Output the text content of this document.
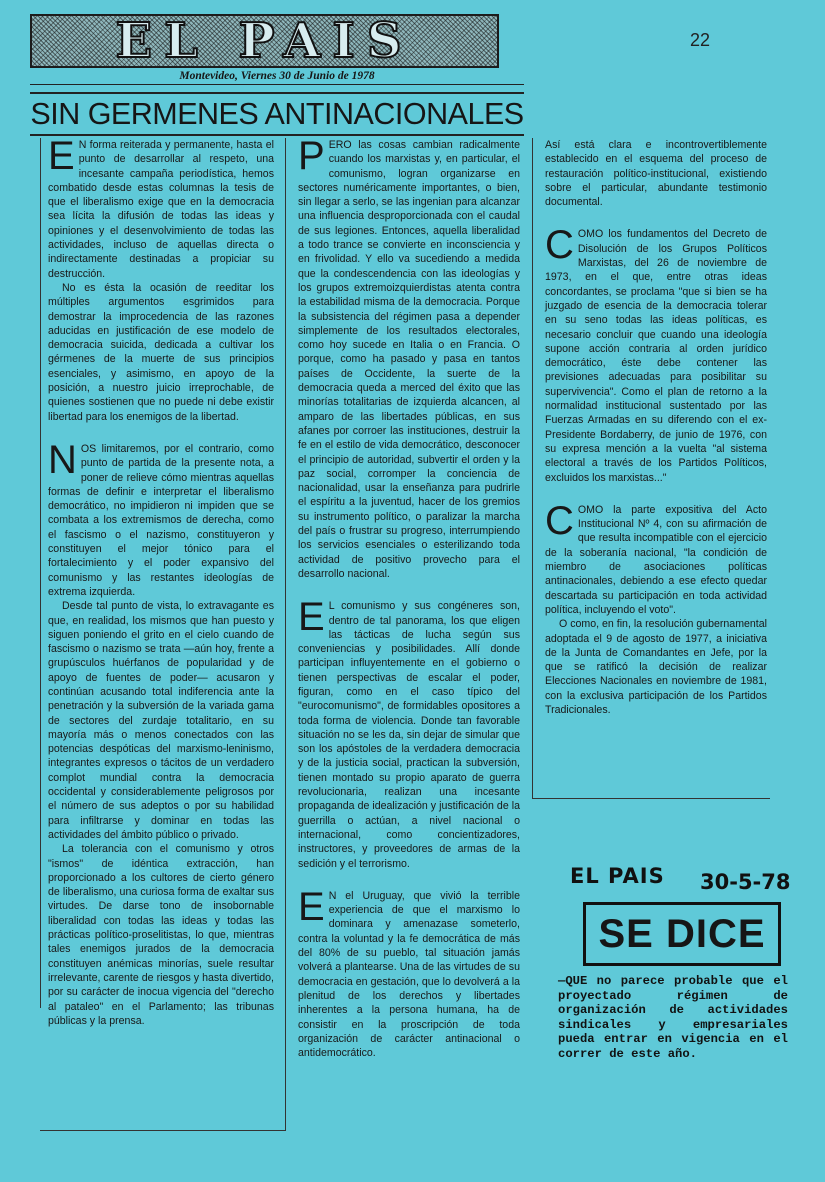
EL PAIS	22
Montevideo, Viernes 30 de Junio de 1978
SIN GERMENES ANTINACIONALES

E N forma reiterada y permanente, hasta el punto de desarrollar al respeto, una incesante campaña periodística, hemos combatido desde estas columnas la tesis de que el liberalismo exige que en la democracia sea lícita la difusión de todas las ideas y opiniones y el desenvolvimiento de todas las actividades, incluso de aquellas directa o indirectamente destinadas a propiciar su destrucción.

No es ésta la ocasión de reeditar los múltiples argumentos esgrimidos para demostrar la improcedencia de las razones aducidas en justificación de ese modelo de democracia suicida, dedicada a cultivar los gérmenes de la muerte de sus principios esenciales, y asimismo, en apoyo de la posición, a nuestro juicio irreprochable, de quienes sostienen que no puede ni debe existir libertad para los enemigos de la libertad.

NOS limitaremos, por el contrario, como punto de partida de la presente nota, a poner de relieve cómo mientras aquellas formas de definir e interpretar el liberalismo democrático, no impidieron ni impiden que se combata a los extremismos de derecha, como el fascismo o el nazismo, constituyeron y constituyen el mejor tónico para el fortalecimiento y el poder expansivo del comunismo y las restantes ideologías de extrema izquierda.

Desde tal punto de vista, lo extravagante es que, en realidad, los mismos que han puesto y siguen poniendo el grito en el cielo cuando de fascismo o nazismo se trata —aún hoy, frente a grupúsculos huérfanos de popularidad y de apoyo de fuentes de poder— acusaron y continúan acusando total indiferencia ante la penetración y la subversión de la variada gama de sectores del zurdaje totalitario, en su mayoría más o menos conectados con las potencias despóticas del marxismo-leninismo, integrantes expresos o tácitos de un verdadero complot mundial contra la democracia occidental y considerablemente peligrosos por el número de sus adeptos o por su habilidad para infiltrarse y dominar en todas las actividades del ámbito público o privado.

La tolerancia con el comunismo y otros "ismos" de idéntica extracción, han proporcionado a los cultores de cierto género de liberalismo, una curiosa forma de exaltar sus virtudes. De darse tono de insobornable liberalidad con todas las ideas y todas las prácticas político-proselitistas, lo que, mientras tales enemigos jurados de la democracia constituyen anémicas minorías, suele resultar irrelevante, carente de riesgos y hasta divertido, por su carácter de inocua vigencia del "derecho al pataleo" en el Parlamento; las tribunas públicas y la prensa.

PERO las cosas cambian radicalmente cuando los marxistas y, en particular, el comunismo, logran organizarse en sectores numéricamente importantes, o bien, sin llegar a serlo, se las ingenian para alcanzar una influencia desproporcionada con el caudal de sus legiones. Entonces, aquella liberalidad a todo trance se convierte en inconsciencia y en frivolidad. Y ello va sucediendo a medida que la condescendencia con las ideologías y los grupos extremoizquierdistas atenta contra la estabilidad misma de la democracia. Porque la subsistencia del régimen pasa a depender simplemente de los resultados electorales, como hoy sucede en Italia o en Francia. O porque, como ha pasado y pasa en tantos países de Occidente, la suerte de la democracia queda a merced del éxito que las minorías totalitarias de izquierda alcancen, al amparo de las libertades públicas, en sus afanes por corroer las instituciones, destruir la fe en el estilo de vida democrático, desconocer el principio de autoridad, subvertir el orden y la paz social, corromper la conciencia de nacionalidad, usar la enseñanza para pudrirle el espíritu a la juventud, hacer de los gremios su instrumento político, o paralizar la marcha del país o frustrar su progreso, interrumpiendo los servicios esenciales o esterilizando toda actividad de positivo provecho para el desarrollo nacional.

E L comunismo y sus congéneres son, dentro de tal panorama, los que eligen las tácticas de lucha según sus conveniencias y posibilidades. Allí donde participan influyentemente en el gobierno o tienen perspectivas de escalar el poder, figuran, como en el caso típico del "eurocomunismo", de formidables opositores a toda forma de violencia. Donde tan favorable situación no se les da, sin dejar de simular que son los apóstoles de la verdadera democracia y de la justicia social, practican la subversión, tienen montado su propio aparato de guerra revolucionaria, realizan una incesante propaganda de idealización y justificación de la guerrilla o actúan, a nivel nacional o internacional, como concientizadores, instructores, y proveedores de armas de la sedición y el terrorismo.

E N el Uruguay, que vivió la terrible experiencia de que el marxismo lo dominara y amenazase someterlo, contra la voluntad y la fe democrática de más del 80% de su pueblo, tal situación jamás volverá a plantearse. Una de las virtudes de su democracia en gestación, que lo devolverá a la plenitud de los derechos y libertades inherentes a la persona humana, ha de consistir en la proscripción de toda organización de carácter antinacional o antidemocrático.

Así está clara e incontrovertiblemente establecido en el esquema del proceso de restauración político-institucional, existiendo sobre el particular, abundante testimonio documental.

COMO los fundamentos del Decreto de Disolución de los Grupos Políticos Marxistas, del 26 de noviembre de 1973, en el que, entre otras ideas concordantes, se proclama "que si bien se ha juzgado de esencia de la democracia tolerar en su seno todas las ideas políticas, es necesario concluir que cuando una ideología supone acción contraria al orden jurídico democrático, éste debe contener las previsiones adecuadas para posibilitar su supervivencia". Como el plan de retorno a la normalidad institucional sustentado por las Fuerzas Armadas en su diferendo con el ex-Presidente Bordaberry, de junio de 1976, con su expresa mención a la vuelta "al sistema electoral a través de los Partidos Políticos, excluidos los marxistas..."

COMO la parte expositiva del Acto Institucional Nº 4, con su afirmación de que resulta incompatible con el ejercicio de la soberanía nacional, "la condición de miembro de asociaciones políticas antinacionales, debiendo a ese efecto quedar descartada su participación en toda actividad política, incluyendo el voto".

O como, en fin, la resolución gubernamental adoptada el 9 de agosto de 1977, a iniciativa de la Junta de Comandantes en Jefe, por la que se ratificó la decisión de realizar Elecciones Nacionales en noviembre de 1981, con la exclusiva participación de los Partidos Tradicionales.

EL PAIS 30-5-78
SE DICE
—QUE no parece probable que el proyectado régimen de organización de actividades sindicales y empresariales pueda entrar en vigencia en el correr de este año.
